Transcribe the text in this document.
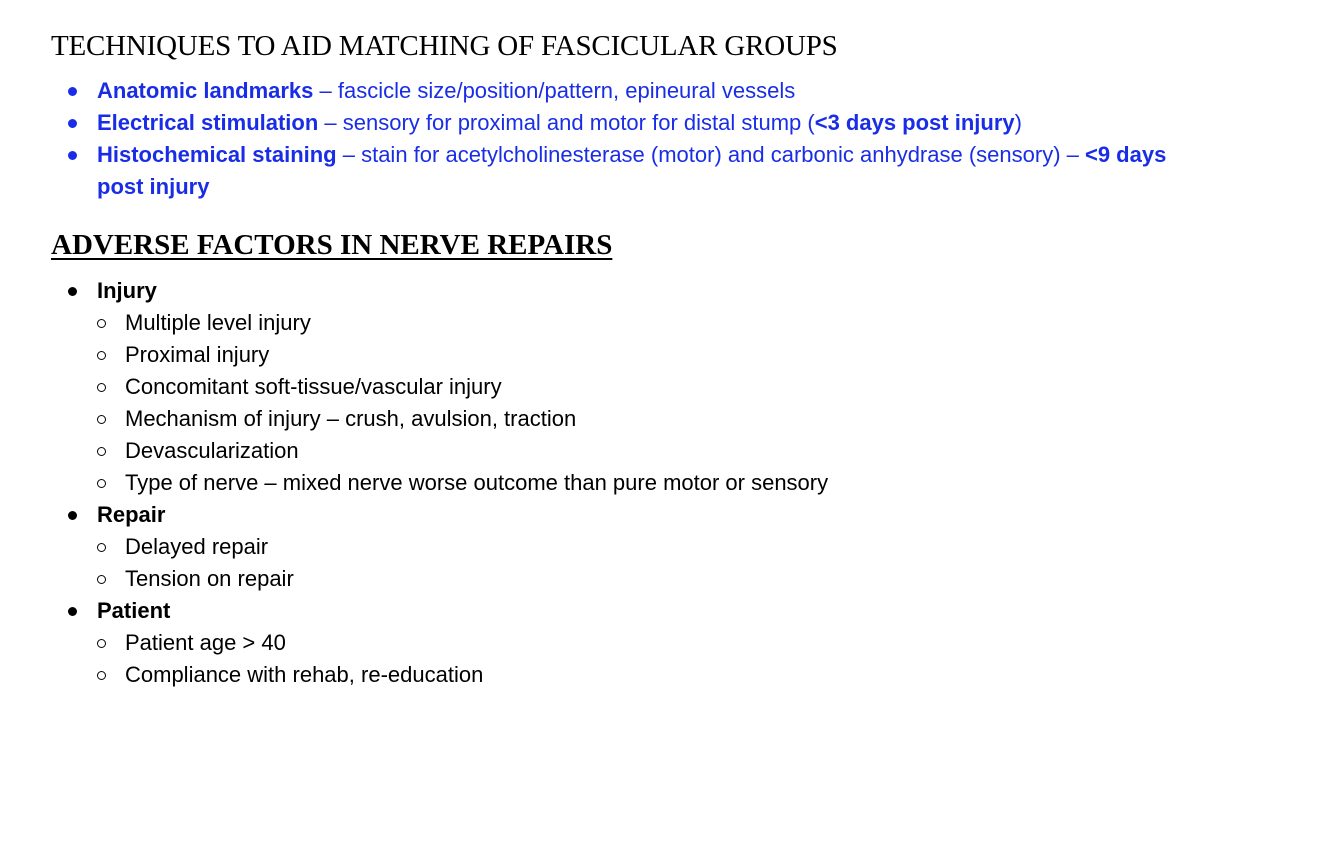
TECHNIQUES TO AID MATCHING OF FASCICULAR GROUPS
Anatomic landmarks – fascicle size/position/pattern, epineural vessels
Electrical stimulation – sensory for proximal and motor for distal stump (<3 days post injury)
Histochemical staining – stain for acetylcholinesterase (motor) and carbonic anhydrase (sensory) – <9 days
post injury
ADVERSE FACTORS IN NERVE REPAIRS
Injury
Multiple level injury
Proximal injury
Concomitant soft-tissue/vascular injury
Mechanism of injury – crush, avulsion, traction
Devascularization
Type of nerve – mixed nerve worse outcome than pure motor or sensory
Repair
Delayed repair
Tension on repair
Patient
Patient age > 40
Compliance with rehab, re-education
